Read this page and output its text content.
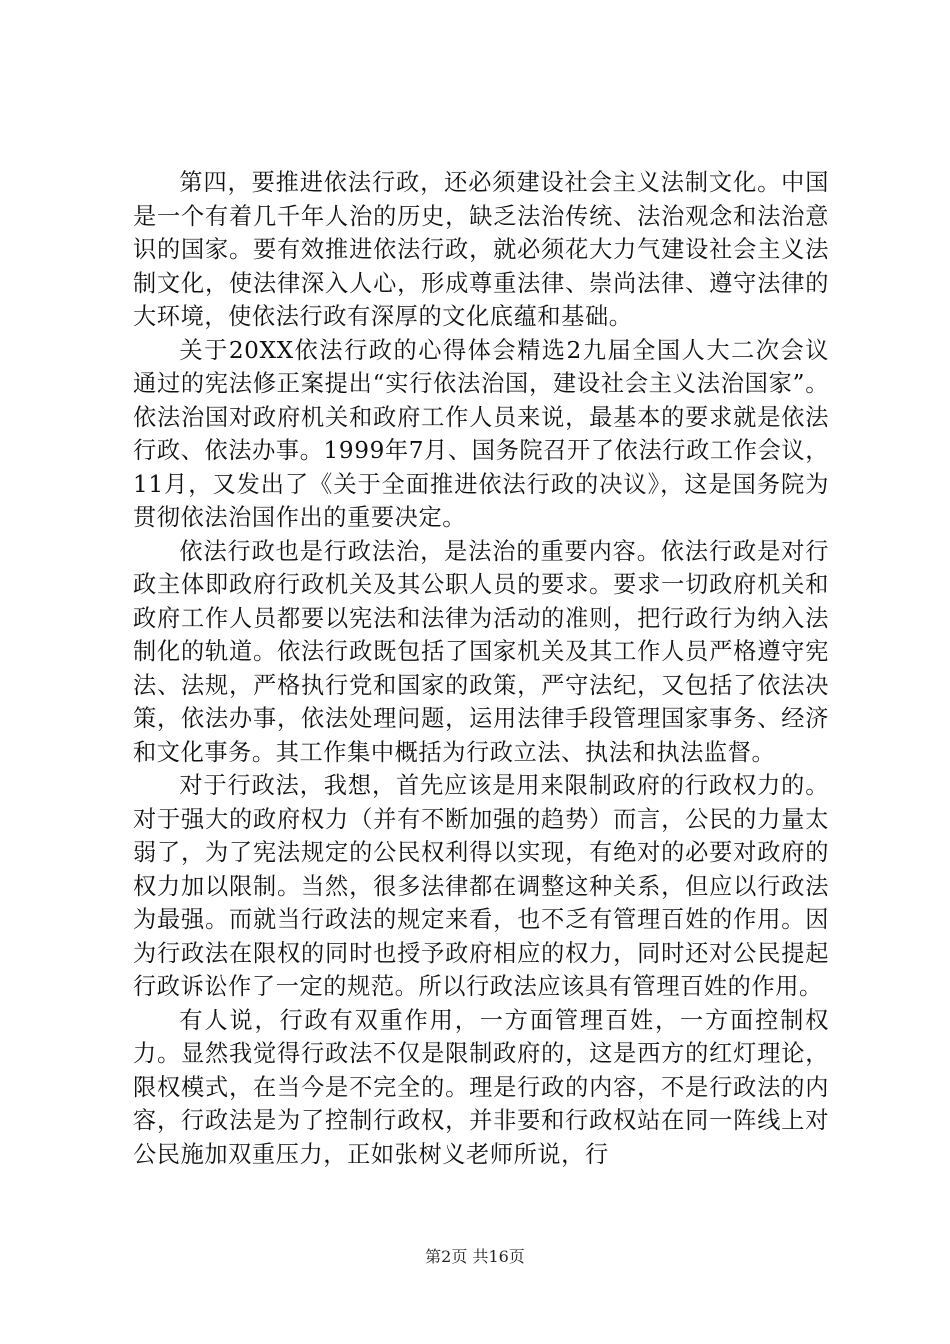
第四，要推进依法行政，还必须建设社会主义法制文化。中国是一个有着几千年人治的历史，缺乏法治传统、法治观念和法治意识的国家。要有效推进依法行政，就必须花大力气建设社会主义法制文化，使法律深入人心，形成尊重法律、崇尚法律、遵守法律的大环境，使依法行政有深厚的文化底蕴和基础。

关于20XX依法行政的心得体会精选2九届全国人大二次会议通过的宪法修正案提出“实行依法治国，建设社会主义法治国家”。依法治国对政府机关和政府工作人员来说，最基本的要求就是依法行政、依法办事。1999年7月、国务院召开了依法行政工作会议，11月，又发出了《关于全面推进依法行政的决议》，这是国务院为贯彻依法治国作出的重要决定。

依法行政也是行政法治，是法治的重要内容。依法行政是对行政主体即政府行政机关及其公职人员的要求。要求一切政府机关和政府工作人员都要以宪法和法律为活动的准则，把行政行为纳入法制化的轨道。依法行政既包括了国家机关及其工作人员严格遵守宪法、法规，严格执行党和国家的政策，严守法纪，又包括了依法决策，依法办事，依法处理问题，运用法律手段管理国家事务、经济和文化事务。其工作集中概括为行政立法、执法和执法监督。

对于行政法，我想，首先应该是用来限制政府的行政权力的。对于强大的政府权力（并有不断加强的趋势）而言，公民的力量太弱了，为了宪法规定的公民权利得以实现，有绝对的必要对政府的权力加以限制。当然，很多法律都在调整这种关系，但应以行政法为最强。而就当行政法的规定来看，也不乏有管理百姓的作用。因为行政法在限权的同时也授予政府相应的权力，同时还对公民提起行政诉讼作了一定的规范。所以行政法应该具有管理百姓的作用。

有人说，行政有双重作用，一方面管理百姓，一方面控制权力。显然我觉得行政法不仅是限制政府的，这是西方的红灯理论，限权模式，在当今是不完全的。理是行政的内容，不是行政法的内容，行政法是为了控制行政权，并非要和行政权站在同一阵线上对公民施加双重压力，正如张树义老师所说，行

第2页 共16页
